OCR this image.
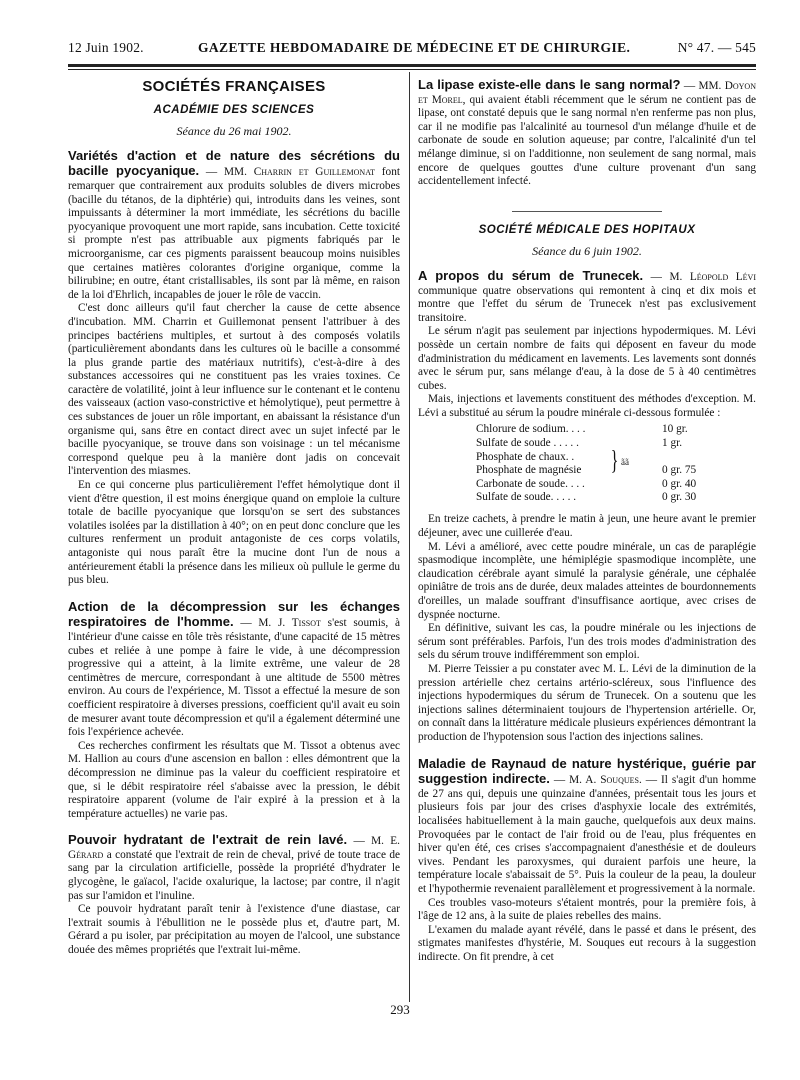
12 Juin 1902.	GAZETTE HEBDOMADAIRE DE MÉDECINE ET DE CHIRURGIE.	N° 47. — 545
SOCIÉTÉS FRANÇAISES
ACADÉMIE DES SCIENCES
Séance du 26 mai 1902.

Variétés d'action et de nature des sécrétions du bacille pyocyanique. — MM. Charrin et Guillemonat font remarquer que contrairement aux produits solubles de divers microbes (bacille du tétanos, de la diphtérie) qui, introduits dans les veines, sont impuissants à déterminer la mort immédiate, les sécrétions du bacille pyocyanique provoquent une mort rapide, sans incubation. Cette toxicité si prompte n'est pas attribuable aux pigments fabriqués par le microorganisme, car ces pigments paraissent beaucoup moins nuisibles que certaines matières colorantes d'origine organique, comme la bilirubine; en outre, étant cristallisables, ils sont par là même, en raison de la loi d'Ehrlich, incapables de jouer le rôle de vaccin.

C'est donc ailleurs qu'il faut chercher la cause de cette absence d'incubation. MM. Charrin et Guillemonat pensent l'attribuer à des principes bactériens multiples, et surtout à des composés volatils (particulièrement abondants dans les cultures où le bacille a consommé la plus grande partie des matériaux nutritifs), c'est-à-dire à des substances accessoires qui ne constituent pas les vraies toxines. Ce caractère de volatilité, joint à leur influence sur le contenant et le contenu des vaisseaux (action vaso-constrictive et hémolytique), peut permettre à ces substances de jouer un rôle important, en abaissant la résistance d'un organisme qui, sans être en contact direct avec un sujet infecté par le bacille pyocyanique, se trouve dans son voisinage : un tel mécanisme correspond quelque peu à la manière dont jadis on concevait l'intervention des miasmes.

En ce qui concerne plus particulièrement l'effet hémolytique dont il vient d'être question, il est moins énergique quand on emploie la culture totale de bacille pyocyanique que lorsqu'on se sert des substances volatiles isolées par la distillation à 40°; on en peut donc conclure que les cultures renferment un produit antagoniste de ces corps volatils, antagoniste qui nous paraît être la mucine dont l'un de nous a antérieurement établi la présence dans les milieux où pullule le germe du pus bleu.

Action de la décompression sur les échanges respiratoires de l'homme. — M. J. Tissot s'est soumis, à l'intérieur d'une caisse en tôle très résistante, d'une capacité de 15 mètres cubes et reliée à une pompe à faire le vide, à une décompression progressive qui a atteint, à la limite extrême, une valeur de 28 centimètres de mercure, correspondant à une altitude de 5500 mètres environ. Au cours de l'expérience, M. Tissot a effectué la mesure de son coefficient respiratoire à diverses pressions, coefficient qu'il avait eu soin de mesurer avant toute décompression et qu'il a également déterminé une fois l'expérience achevée.

Ces recherches confirment les résultats que M. Tissot a obtenus avec M. Hallion au cours d'une ascension en ballon : elles démontrent que la décompression ne diminue pas la valeur du coefficient respiratoire et que, si le débit respiratoire réel s'abaisse avec la pression, le débit respiratoire apparent (volume de l'air expiré à la pression et à la température actuelles) ne varie pas.

Pouvoir hydratant de l'extrait de rein lavé. — M. E. Gérard a constaté que l'extrait de rein de cheval, privé de toute trace de sang par la circulation artificielle, possède la propriété d'hydrater le glycogène, le gaïacol, l'acide oxalurique, la lactose; par contre, il n'agit pas sur l'amidon et l'inuline.

Ce pouvoir hydratant paraît tenir à l'existence d'une diastase, car l'extrait soumis à l'ébullition ne le possède plus et, d'autre part, M. Gérard a pu isoler, par précipitation au moyen de l'alcool, une substance douée des mêmes propriétés que l'extrait lui-même.

La lipase existe-elle dans le sang normal? — MM. Doyon et Morel, qui avaient établi récemment que le sérum ne contient pas de lipase, ont constaté depuis que le sang normal n'en renferme pas non plus, car il ne modifie pas l'alcalinité au tournesol d'un mélange d'huile et de carbonate de soude en solution aqueuse; par contre, l'alcalinité d'un tel mélange diminue, si on l'additionne, non seulement de sang normal, mais encore de quelques gouttes d'une culture provenant d'un sang accidentellement infecté.

SOCIÉTÉ MÉDICALE DES HOPITAUX
Séance du 6 juin 1902.

A propos du sérum de Trunecek. — M. Léopold Lévi communique quatre observations qui remontent à cinq et dix mois et montre que l'effet du sérum de Trunecek n'est pas exclusivement transitoire.

Le sérum n'agit pas seulement par injections hypodermiques. M. Lévi possède un certain nombre de faits qui déposent en faveur du mode d'administration du médicament en lavements. Les lavements sont donnés avec le sérum pur, sans mélange d'eau, à la dose de 5 à 40 centimètres cubes.

Mais, injections et lavements constituent des méthodes d'exception. M. Lévi a substitué au sérum la poudre minérale ci-dessous formulée :

Chlorure de sodium. . . .	10 gr.
Sulfate de soude . . . . .	1 gr.
Phosphate de chaux. .
Phosphate de magnésie	0 gr. 75
Carbonate de soude. . . .	0 gr. 40
Sulfate de soude. . . . .	0 gr. 30
} ãã

En treize cachets, à prendre le matin à jeun, une heure avant le premier déjeuner, avec une cuillerée d'eau.

M. Lévi a amélioré, avec cette poudre minérale, un cas de paraplégie spasmodique incomplète, une hémiplégie spasmodique incomplète, une claudication cérébrale ayant simulé la paralysie générale, une céphalée opiniâtre de trois ans de durée, deux malades atteintes de bourdonnements d'oreilles, un malade souffrant d'insuffisance aortique, avec crises de dyspnée nocturne.

En définitive, suivant les cas, la poudre minérale ou les injections de sérum sont préférables. Parfois, l'un des trois modes d'administration des sels du sérum trouve indifféremment son emploi.

M. Pierre Teissier a pu constater avec M. L. Lévi de la diminution de la pression artérielle chez certains artério-scléreux, sous l'influence des injections hypodermiques du sérum de Trunecek. On a soutenu que les injections salines déterminaient toujours de l'hypertension artérielle. Or, on connaît dans la littérature médicale plusieurs expériences démontrant la production de l'hypotension sous l'action des injections salines.

Maladie de Raynaud de nature hystérique, guérie par suggestion indirecte. — M. A. Souques. — Il s'agit d'un homme de 27 ans qui, depuis une quinzaine d'années, présentait tous les jours et plusieurs fois par jour des crises d'asphyxie locale des extrémités, localisées habituellement à la main gauche, quelquefois aux deux mains. Provoquées par le contact de l'air froid ou de l'eau, plus fréquentes en hiver qu'en été, ces crises s'accompagnaient d'anesthésie et de douleurs vives. Pendant les paroxysmes, qui duraient parfois une heure, la température locale s'abaissait de 5°. Puis la couleur de la peau, la douleur et l'hypothermie revenaient parallèlement et progressivement à la normale.

Ces troubles vaso-moteurs s'étaient montrés, pour la première fois, à l'âge de 12 ans, à la suite de plaies rebelles des mains.

L'examen du malade ayant révélé, dans le passé et dans le présent, des stigmates manifestes d'hystérie, M. Souques eut recours à la suggestion indirecte. On fit prendre, à cet

293
